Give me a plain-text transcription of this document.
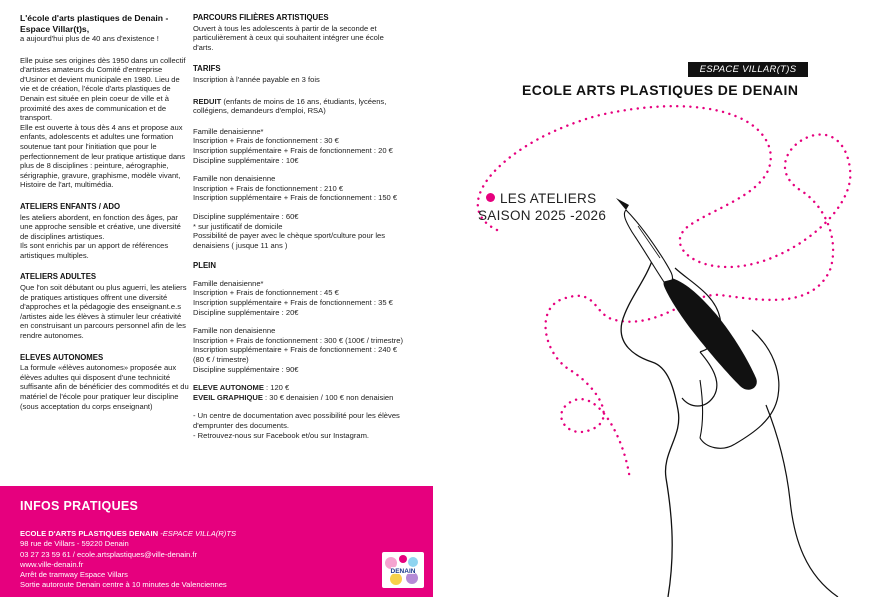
L'école d'arts plastiques de Denain -
Espace Villar(t)s,

a aujourd'hui plus de 40 ans d'existence !

Elle puise ses origines dès 1950 dans un collectif d'artistes amateurs du Comité d'entreprise d'Usinor et devient municipale en 1980. Lieu de vie et de création, l'école d'arts plastiques de Denain est située en plein coeur de ville et à proximité des axes de communication et de transport.

Elle est ouverte à tous dès 4 ans et propose aux enfants, adolescents et adultes une formation soutenue tant pour l'initiation que pour le perfectionnement de leur pratique artistique dans plus de 8 disciplines : peinture, aérographie, sérigraphie, gravure, graphisme, modèle vivant, Histoire de l'art, multimédia.

ATELIERS ENFANTS / ADO

les ateliers abordent, en fonction des âges, par une approche sensible et créative, une diversité de disciplines artistiques.

Ils sont enrichis par un apport de références artistiques multiples.

ATELIERS ADULTES

Que l'on soit débutant ou plus aguerri, les ateliers de pratiques artistiques offrent une diversité d'approches et la pédagogie des enseignant.e.s /artistes aide les élèves à stimuler leur créativité en construisant un parcours personnel afin de les rendre autonomes.

ELEVES AUTONOMES

La formule «élèves autonomes» proposée aux élèves adultes qui disposent d'une technicité suffisante afin de bénéficier des commodités et du matériel de l'école pour pratiquer leur discipline (sous acceptation du corps enseignant)

PARCOURS FILIÈRES ARTISTIQUES

Ouvert à tous les adolescents à partir de la seconde et particulièrement à ceux qui souhaitent intégrer une école d'arts.

TARIFS

Inscription à l'année payable en 3 fois

REDUIT (enfants de moins de 16 ans, étudiants, lycéens,
collégiens, demandeurs d'emploi, RSA)
Famille denaisienne*
Inscription + Frais de fonctionnement : 30 €
Inscription supplémentaire + Frais de fonctionnement : 20 €
Discipline supplémentaire : 10€
Famille non denaisienne
Inscription + Frais de fonctionnement : 210 €
Inscription supplémentaire + Frais de fonctionnement : 150 €
Discipline supplémentaire : 60€
* sur justificatif de domicile

Possibilité de payer avec le chèque sport/culture pour les denaisiens ( jusque 11 ans )

PLEIN
Famille denaisienne*
Inscription + Frais de fonctionnement : 45 €
Inscription supplémentaire + Frais de fonctionnement : 35 €
Discipline supplémentaire : 20€
Famille non denaisienne
Inscription + Frais de fonctionnement : 300 € (100€ / trimestre)
Inscription supplémentaire + Frais de fonctionnement : 240 €
(80 € / trimestre)
Discipline supplémentaire : 90€
ELEVE AUTONOME : 120 €
EVEIL GRAPHIQUE : 30 € denaisien / 100 € non denaisien

- Un centre de documentation avec possibilité pour les élèves d'emprunter des documents.

- Retrouvez-nous sur Facebook et/ou sur Instagram.

INFOS PRATIQUES
ECOLE D'ARTS PLASTIQUES DENAIN -ESPACE VILLA(R)TS
98 rue de Villars - 59220 Denain
03 27 23 59 61 / ecole.artsplastiques@ville-denain.fr
www.ville-denain.fr
Arrêt de tramway Espace Villars
Sortie autoroute Denain centre à 10 minutes de Valenciennes
DENAIN
ESPACE VILLAR(T)S
ECOLE ARTS PLASTIQUES DE DENAIN
LES ATELIERS
SAISON 2025 -2026
